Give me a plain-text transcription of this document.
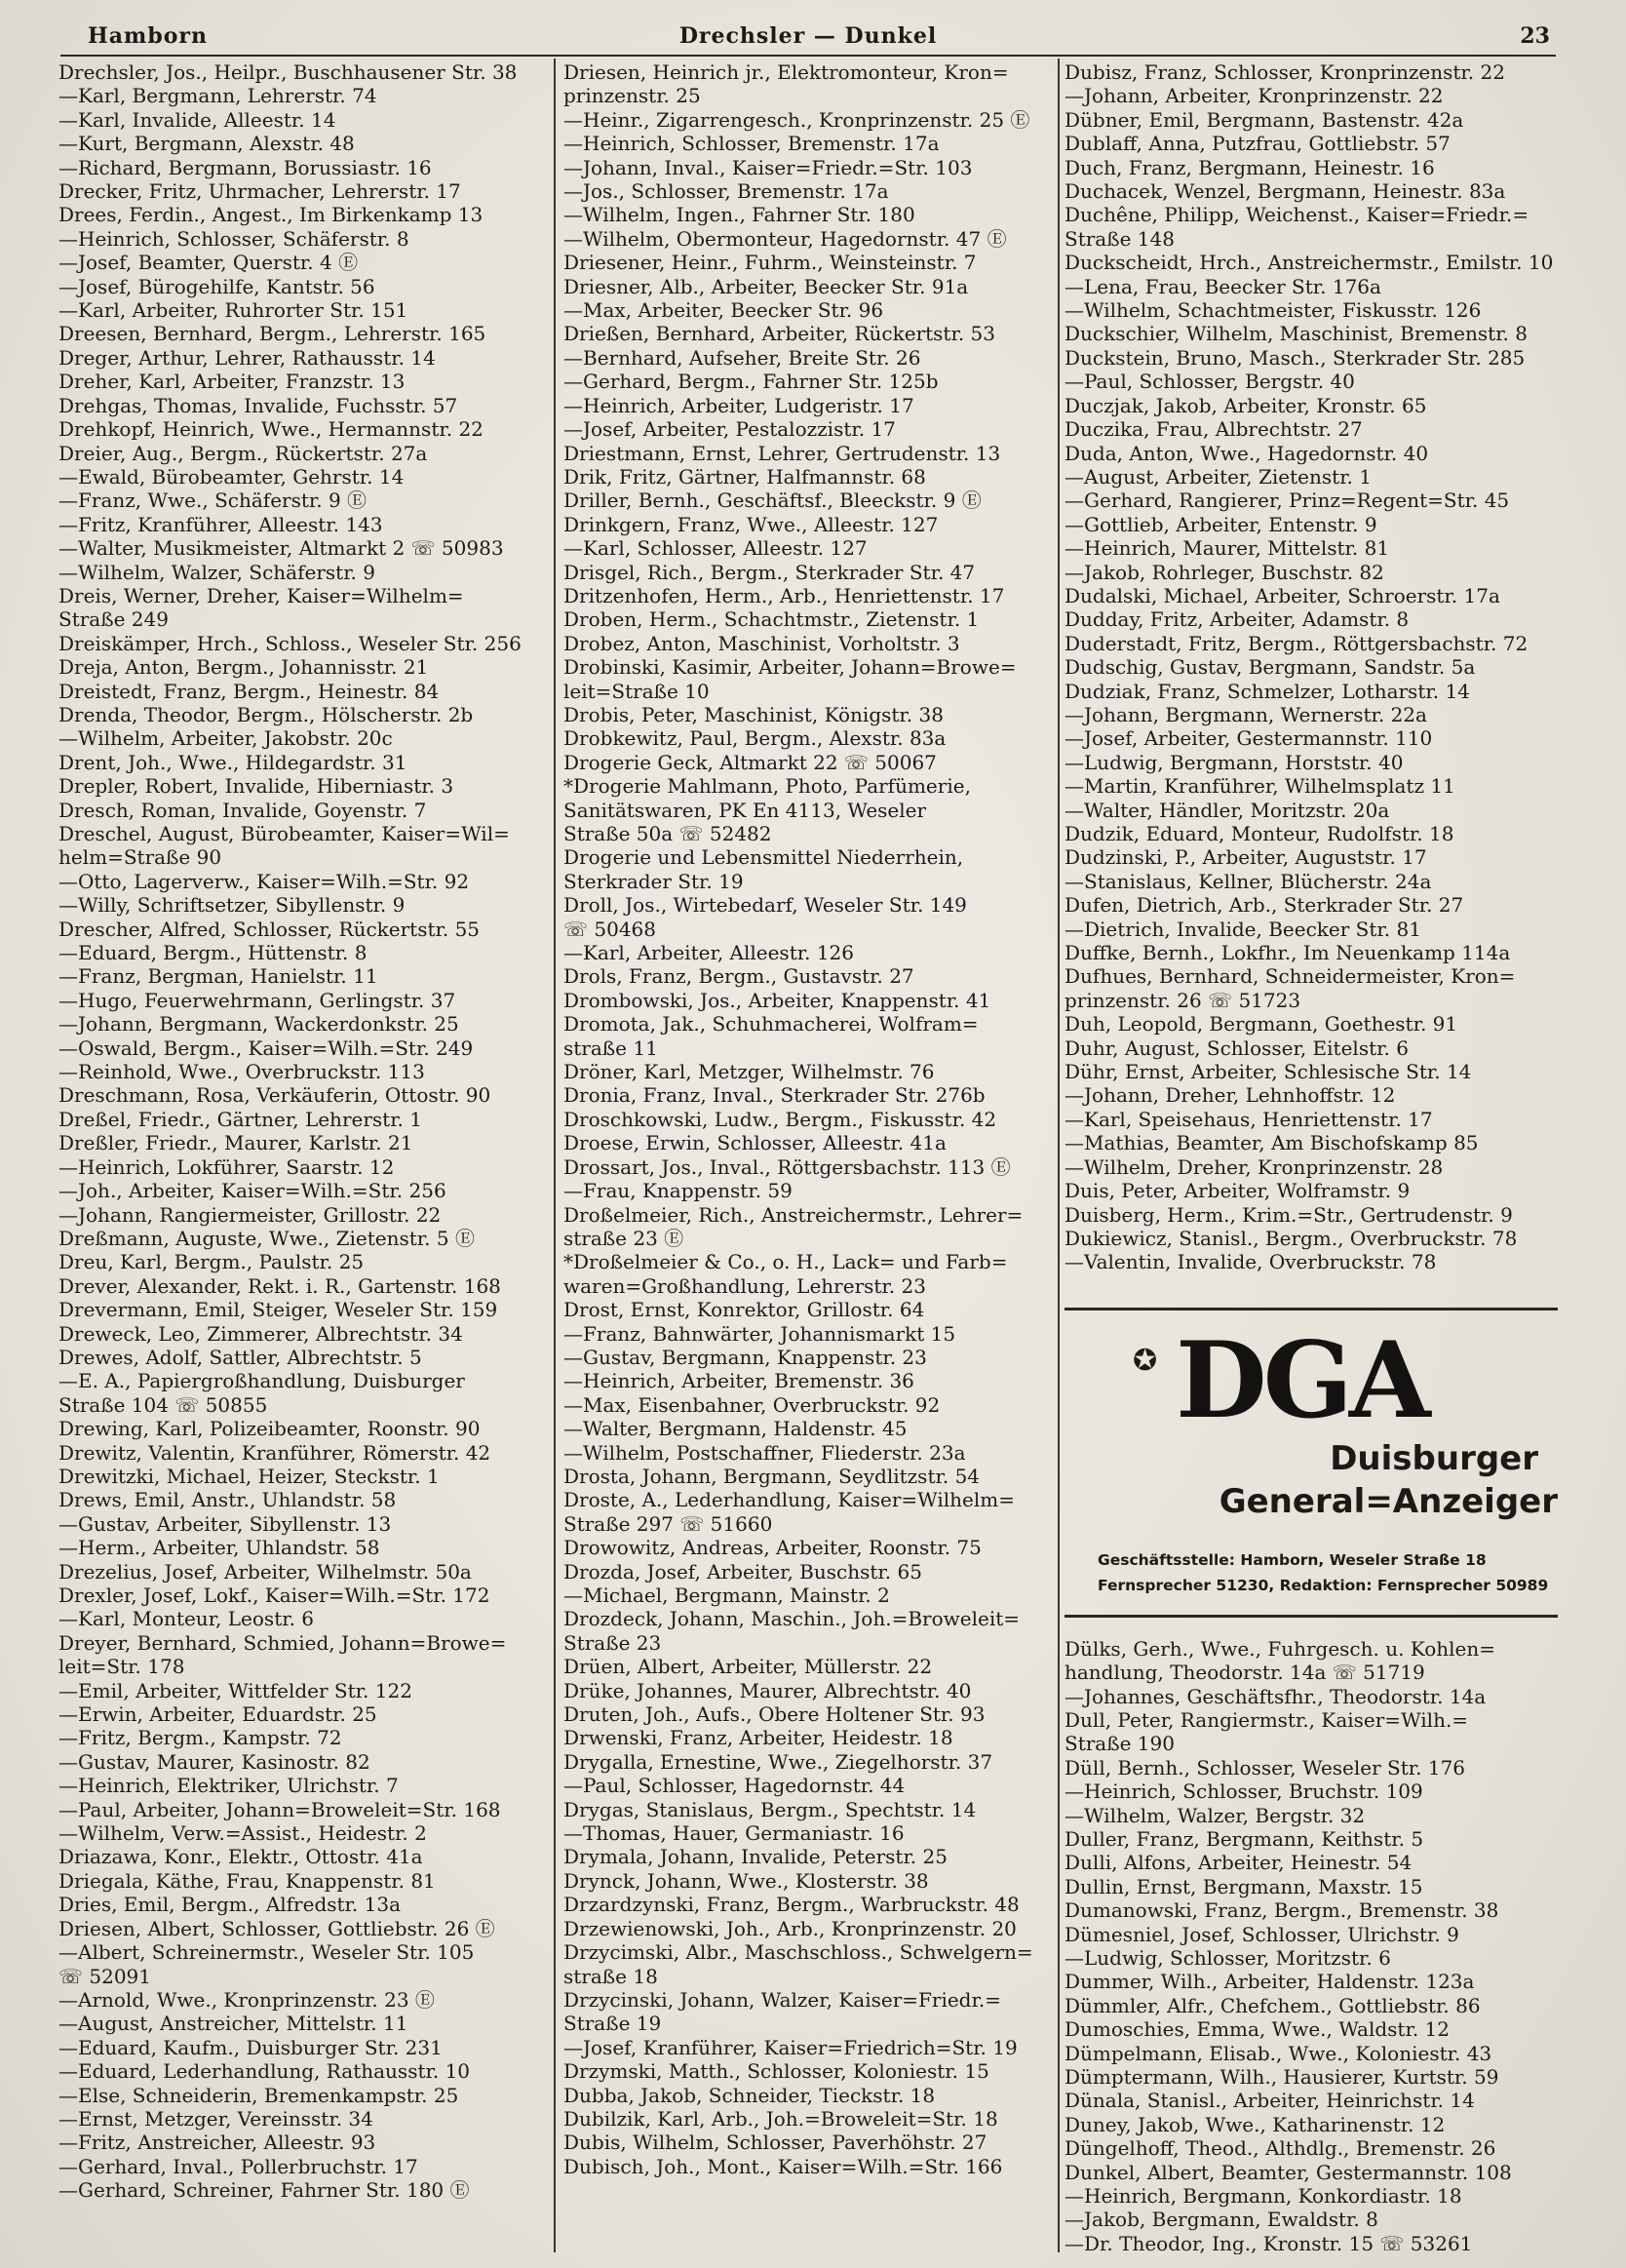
Hamborn	Drechsler — Dunkel	23
Drechsler, Jos., Heilpr., Buschhausener Str. 38
—Karl, Bergmann, Lehrerstr. 74
—Karl, Invalide, Alleestr. 14
—Kurt, Bergmann, Alexstr. 48
—Richard, Bergmann, Borussiastr. 16
Drecker, Fritz, Uhrmacher, Lehrerstr. 17
Drees, Ferdin., Angest., Im Birkenkamp 13
—Heinrich, Schlosser, Schäferstr. 8
—Josef, Beamter, Querstr. 4 Ⓔ
—Josef, Bürogehilfe, Kantstr. 56
—Karl, Arbeiter, Ruhrorter Str. 151
Dreesen, Bernhard, Bergm., Lehrerstr. 165
Dreger, Arthur, Lehrer, Rathausstr. 14
Dreher, Karl, Arbeiter, Franzstr. 13
Drehgas, Thomas, Invalide, Fuchsstr. 57
Drehkopf, Heinrich, Wwe., Hermannstr. 22
Dreier, Aug., Bergm., Rückertstr. 27a
—Ewald, Bürobeamter, Gehrstr. 14
—Franz, Wwe., Schäferstr. 9 Ⓔ
—Fritz, Kranführer, Alleestr. 143
—Walter, Musikmeister, Altmarkt 2 ☏ 50983
—Wilhelm, Walzer, Schäferstr. 9
Dreis, Werner, Dreher, Kaiser=Wilhelm=
Straße 249
Dreiskämper, Hrch., Schloss., Weseler Str. 256
Dreja, Anton, Bergm., Johannisstr. 21
Dreistedt, Franz, Bergm., Heinestr. 84
Drenda, Theodor, Bergm., Hölscherstr. 2b
—Wilhelm, Arbeiter, Jakobstr. 20c
Drent, Joh., Wwe., Hildegardstr. 31
Drepler, Robert, Invalide, Hiberniastr. 3
Dresch, Roman, Invalide, Goyenstr. 7
Dreschel, August, Bürobeamter, Kaiser=Wil=
helm=Straße 90
—Otto, Lagerverw., Kaiser=Wilh.=Str. 92
—Willy, Schriftsetzer, Sibyllenstr. 9
Drescher, Alfred, Schlosser, Rückertstr. 55
—Eduard, Bergm., Hüttenstr. 8
—Franz, Bergman, Hanielstr. 11
—Hugo, Feuerwehrmann, Gerlingstr. 37
—Johann, Bergmann, Wackerdonkstr. 25
—Oswald, Bergm., Kaiser=Wilh.=Str. 249
—Reinhold, Wwe., Overbruckstr. 113
Dreschmann, Rosa, Verkäuferin, Ottostr. 90
Dreßel, Friedr., Gärtner, Lehrerstr. 1
Dreßler, Friedr., Maurer, Karlstr. 21
—Heinrich, Lokführer, Saarstr. 12
—Joh., Arbeiter, Kaiser=Wilh.=Str. 256
—Johann, Rangiermeister, Grillostr. 22
Dreßmann, Auguste, Wwe., Zietenstr. 5 Ⓔ
Dreu, Karl, Bergm., Paulstr. 25
Drever, Alexander, Rekt. i. R., Gartenstr. 168
Drevermann, Emil, Steiger, Weseler Str. 159
Dreweck, Leo, Zimmerer, Albrechtstr. 34
Drewes, Adolf, Sattler, Albrechtstr. 5
—E. A., Papiergroßhandlung, Duisburger
Straße 104 ☏ 50855
Drewing, Karl, Polizeibeamter, Roonstr. 90
Drewitz, Valentin, Kranführer, Römerstr. 42
Drewitzki, Michael, Heizer, Steckstr. 1
Drews, Emil, Anstr., Uhlandstr. 58
—Gustav, Arbeiter, Sibyllenstr. 13
—Herm., Arbeiter, Uhlandstr. 58
Drezelius, Josef, Arbeiter, Wilhelmstr. 50a
Drexler, Josef, Lokf., Kaiser=Wilh.=Str. 172
—Karl, Monteur, Leostr. 6
Dreyer, Bernhard, Schmied, Johann=Browe=
leit=Str. 178
—Emil, Arbeiter, Wittfelder Str. 122
—Erwin, Arbeiter, Eduardstr. 25
—Fritz, Bergm., Kampstr. 72
—Gustav, Maurer, Kasinostr. 82
—Heinrich, Elektriker, Ulrichstr. 7
—Paul, Arbeiter, Johann=Broweleit=Str. 168
—Wilhelm, Verw.=Assist., Heidestr. 2
Driazawa, Konr., Elektr., Ottostr. 41a
Driegala, Käthe, Frau, Knappenstr. 81
Dries, Emil, Bergm., Alfredstr. 13a
Driesen, Albert, Schlosser, Gottliebstr. 26 Ⓔ
—Albert, Schreinermstr., Weseler Str. 105
☏ 52091
—Arnold, Wwe., Kronprinzenstr. 23 Ⓔ
—August, Anstreicher, Mittelstr. 11
—Eduard, Kaufm., Duisburger Str. 231
—Eduard, Lederhandlung, Rathausstr. 10
—Else, Schneiderin, Bremenkampstr. 25
—Ernst, Metzger, Vereinsstr. 34
—Fritz, Anstreicher, Alleestr. 93
—Gerhard, Inval., Pollerbruchstr. 17
—Gerhard, Schreiner, Fahrner Str. 180 Ⓔ
Driesen, Heinrich jr., Elektromonteur, Kron=
prinzenstr. 25
—Heinr., Zigarrengesch., Kronprinzenstr. 25 Ⓔ
—Heinrich, Schlosser, Bremenstr. 17a
—Johann, Inval., Kaiser=Friedr.=Str. 103
—Jos., Schlosser, Bremenstr. 17a
—Wilhelm, Ingen., Fahrner Str. 180
—Wilhelm, Obermonteur, Hagedornstr. 47 Ⓔ
Driesener, Heinr., Fuhrm., Weinsteinstr. 7
Driesner, Alb., Arbeiter, Beecker Str. 91a
—Max, Arbeiter, Beecker Str. 96
Drießen, Bernhard, Arbeiter, Rückertstr. 53
—Bernhard, Aufseher, Breite Str. 26
—Gerhard, Bergm., Fahrner Str. 125b
—Heinrich, Arbeiter, Ludgeristr. 17
—Josef, Arbeiter, Pestalozzistr. 17
Driestmann, Ernst, Lehrer, Gertrudenstr. 13
Drik, Fritz, Gärtner, Halfmannstr. 68
Driller, Bernh., Geschäftsf., Bleeckstr. 9 Ⓔ
Drinkgern, Franz, Wwe., Alleestr. 127
—Karl, Schlosser, Alleestr. 127
Drisgel, Rich., Bergm., Sterkrader Str. 47
Dritzenhofen, Herm., Arb., Henriettenstr. 17
Droben, Herm., Schachtmstr., Zietenstr. 1
Drobez, Anton, Maschinist, Vorholtstr. 3
Drobinski, Kasimir, Arbeiter, Johann=Browe=
leit=Straße 10
Drobis, Peter, Maschinist, Königstr. 38
Drobkewitz, Paul, Bergm., Alexstr. 83a
Drogerie Geck, Altmarkt 22 ☏ 50067
*Drogerie Mahlmann, Photo, Parfümerie,
Sanitätswaren, PK En 4113, Weseler
Straße 50a ☏ 52482
Drogerie und Lebensmittel Niederrhein,
Sterkrader Str. 19
Droll, Jos., Wirtebedarf, Weseler Str. 149
☏ 50468
—Karl, Arbeiter, Alleestr. 126
Drols, Franz, Bergm., Gustavstr. 27
Drombowski, Jos., Arbeiter, Knappenstr. 41
Dromota, Jak., Schuhmacherei, Wolfram=
straße 11
Dröner, Karl, Metzger, Wilhelmstr. 76
Dronia, Franz, Inval., Sterkrader Str. 276b
Droschkowski, Ludw., Bergm., Fiskusstr. 42
Droese, Erwin, Schlosser, Alleestr. 41a
Drossart, Jos., Inval., Röttgersbachstr. 113 Ⓔ
—Frau, Knappenstr. 59
Droßelmeier, Rich., Anstreichermstr., Lehrer=
straße 23 Ⓔ
*Droßelmeier & Co., o. H., Lack= und Farb=
waren=Großhandlung, Lehrerstr. 23
Drost, Ernst, Konrektor, Grillostr. 64
—Franz, Bahnwärter, Johannismarkt 15
—Gustav, Bergmann, Knappenstr. 23
—Heinrich, Arbeiter, Bremenstr. 36
—Max, Eisenbahner, Overbruckstr. 92
—Walter, Bergmann, Haldenstr. 45
—Wilhelm, Postschaffner, Fliederstr. 23a
Drosta, Johann, Bergmann, Seydlitzstr. 54
Droste, A., Lederhandlung, Kaiser=Wilhelm=
Straße 297 ☏ 51660
Drowowitz, Andreas, Arbeiter, Roonstr. 75
Drozda, Josef, Arbeiter, Buschstr. 65
—Michael, Bergmann, Mainstr. 2
Drozdeck, Johann, Maschin., Joh.=Broweleit=
Straße 23
Drüen, Albert, Arbeiter, Müllerstr. 22
Drüke, Johannes, Maurer, Albrechtstr. 40
Druten, Joh., Aufs., Obere Holtener Str. 93
Drwenski, Franz, Arbeiter, Heidestr. 18
Drygalla, Ernestine, Wwe., Ziegelhorstr. 37
—Paul, Schlosser, Hagedornstr. 44
Drygas, Stanislaus, Bergm., Spechtstr. 14
—Thomas, Hauer, Germaniastr. 16
Drymala, Johann, Invalide, Peterstr. 25
Drynck, Johann, Wwe., Klosterstr. 38
Drzardzynski, Franz, Bergm., Warbruckstr. 48
Drzewienowski, Joh., Arb., Kronprinzenstr. 20
Drzycimski, Albr., Maschschloss., Schwelgern=
straße 18
Drzycinski, Johann, Walzer, Kaiser=Friedr.=
Straße 19
—Josef, Kranführer, Kaiser=Friedrich=Str. 19
Drzymski, Matth., Schlosser, Koloniestr. 15
Dubba, Jakob, Schneider, Tieckstr. 18
Dubilzik, Karl, Arb., Joh.=Broweleit=Str. 18
Dubis, Wilhelm, Schlosser, Paverhöhstr. 27
Dubisch, Joh., Mont., Kaiser=Wilh.=Str. 166
Dubisz, Franz, Schlosser, Kronprinzenstr. 22
—Johann, Arbeiter, Kronprinzenstr. 22
Dübner, Emil, Bergmann, Bastenstr. 42a
Dublaff, Anna, Putzfrau, Gottliebstr. 57
Duch, Franz, Bergmann, Heinestr. 16
Duchacek, Wenzel, Bergmann, Heinestr. 83a
Duchêne, Philipp, Weichenst., Kaiser=Friedr.=
Straße 148
Duckscheidt, Hrch., Anstreichermstr., Emilstr. 10
—Lena, Frau, Beecker Str. 176a
—Wilhelm, Schachtmeister, Fiskusstr. 126
Duckschier, Wilhelm, Maschinist, Bremenstr. 8
Duckstein, Bruno, Masch., Sterkrader Str. 285
—Paul, Schlosser, Bergstr. 40
Duczjak, Jakob, Arbeiter, Kronstr. 65
Duczika, Frau, Albrechtstr. 27
Duda, Anton, Wwe., Hagedornstr. 40
—August, Arbeiter, Zietenstr. 1
—Gerhard, Rangierer, Prinz=Regent=Str. 45
—Gottlieb, Arbeiter, Entenstr. 9
—Heinrich, Maurer, Mittelstr. 81
—Jakob, Rohrleger, Buschstr. 82
Dudalski, Michael, Arbeiter, Schroerstr. 17a
Dudday, Fritz, Arbeiter, Adamstr. 8
Duderstadt, Fritz, Bergm., Röttgersbachstr. 72
Dudschig, Gustav, Bergmann, Sandstr. 5a
Dudziak, Franz, Schmelzer, Lotharstr. 14
—Johann, Bergmann, Wernerstr. 22a
—Josef, Arbeiter, Gestermannstr. 110
—Ludwig, Bergmann, Horststr. 40
—Martin, Kranführer, Wilhelmsplatz 11
—Walter, Händler, Moritzstr. 20a
Dudzik, Eduard, Monteur, Rudolfstr. 18
Dudzinski, P., Arbeiter, Auguststr. 17
—Stanislaus, Kellner, Blücherstr. 24a
Dufen, Dietrich, Arb., Sterkrader Str. 27
—Dietrich, Invalide, Beecker Str. 81
Duffke, Bernh., Lokfhr., Im Neuenkamp 114a
Dufhues, Bernhard, Schneidermeister, Kron=
prinzenstr. 26 ☏ 51723
Duh, Leopold, Bergmann, Goethestr. 91
Duhr, August, Schlosser, Eitelstr. 6
Dühr, Ernst, Arbeiter, Schlesische Str. 14
—Johann, Dreher, Lehnhoffstr. 12
—Karl, Speisehaus, Henriettenstr. 17
—Mathias, Beamter, Am Bischofskamp 85
—Wilhelm, Dreher, Kronprinzenstr. 28
Duis, Peter, Arbeiter, Wolframstr. 9
Duisberg, Herm., Krim.=Str., Gertrudenstr. 9
Dukiewicz, Stanisl., Bergm., Overbruckstr. 78
—Valentin, Invalide, Overbruckstr. 78
✪ DGA
Duisburger
General=Anzeiger
Geschäftsstelle: Hamborn, Weseler Straße 18
Fernsprecher 51230, Redaktion: Fernsprecher 50989
Dülks, Gerh., Wwe., Fuhrgesch. u. Kohlen=
handlung, Theodorstr. 14a ☏ 51719
—Johannes, Geschäftsfhr., Theodorstr. 14a
Dull, Peter, Rangiermstr., Kaiser=Wilh.=
Straße 190
Düll, Bernh., Schlosser, Weseler Str. 176
—Heinrich, Schlosser, Bruchstr. 109
—Wilhelm, Walzer, Bergstr. 32
Duller, Franz, Bergmann, Keithstr. 5
Dulli, Alfons, Arbeiter, Heinestr. 54
Dullin, Ernst, Bergmann, Maxstr. 15
Dumanowski, Franz, Bergm., Bremenstr. 38
Dümesniel, Josef, Schlosser, Ulrichstr. 9
—Ludwig, Schlosser, Moritzstr. 6
Dummer, Wilh., Arbeiter, Haldenstr. 123a
Dümmler, Alfr., Chefchem., Gottliebstr. 86
Dumoschies, Emma, Wwe., Waldstr. 12
Dümpelmann, Elisab., Wwe., Koloniestr. 43
Dümptermann, Wilh., Hausierer, Kurtstr. 59
Dünala, Stanisl., Arbeiter, Heinrichstr. 14
Duney, Jakob, Wwe., Katharinenstr. 12
Düngelhoff, Theod., Althdlg., Bremenstr. 26
Dunkel, Albert, Beamter, Gestermannstr. 108
—Heinrich, Bergmann, Konkordiastr. 18
—Jakob, Bergmann, Ewaldstr. 8
—Dr. Theodor, Ing., Kronstr. 15 ☏ 53261
